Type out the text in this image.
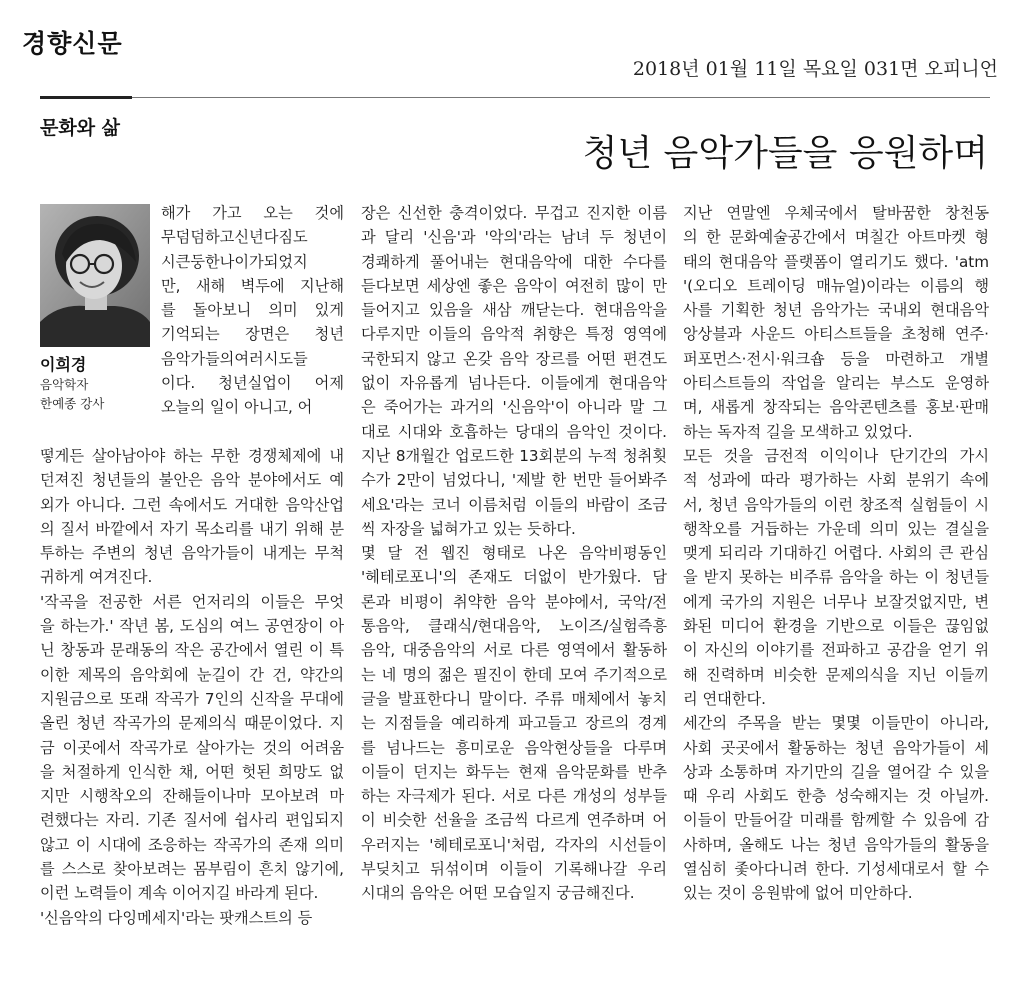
경향신문
2018년 01월 11일 목요일 031면 오피니언
문화와 삶
청년 음악가들을 응원하며
이희경
음악학자
한예종 강사
해가 가고 오는 것에
무덤덤하고신년다짐도
시큰둥한나이가되었지
만, 새해 벽두에 지난해
를 돌아보니 의미 있게
기억되는 장면은 청년
음악가들의여러시도들
이다. 청년실업이 어제
오늘의 일이 아니고, 어
떻게든 살아남아야 하는 무한 경쟁체제에 내
던져진 청년들의 불안은 음악 분야에서도 예
외가 아니다. 그런 속에서도 거대한 음악산업
의 질서 바깥에서 자기 목소리를 내기 위해 분
투하는 주변의 청년 음악가들이 내게는 무척
귀하게 여겨진다.
'작곡을 전공한 서른 언저리의 이들은 무엇
을 하는가.' 작년 봄, 도심의 여느 공연장이 아
닌 창동과 문래동의 작은 공간에서 열린 이 특
이한 제목의 음악회에 눈길이 간 건, 약간의
지원금으로 또래 작곡가 7인의 신작을 무대에
올린 청년 작곡가의 문제의식 때문이었다. 지
금 이곳에서 작곡가로 살아가는 것의 어려움
을 처절하게 인식한 채, 어떤 헛된 희망도 없
지만 시행착오의 잔해들이나마 모아보려 마
련했다는 자리. 기존 질서에 쉽사리 편입되지
않고 이 시대에 조응하는 작곡가의 존재 의미
를 스스로 찾아보려는 몸부림이 흔치 않기에,
이런 노력들이 계속 이어지길 바라게 된다.
'신음악의 다잉메세지'라는 팟캐스트의 등
장은 신선한 충격이었다. 무겁고 진지한 이름
과 달리 '신음'과 '악의'라는 남녀 두 청년이
경쾌하게 풀어내는 현대음악에 대한 수다를
듣다보면 세상엔 좋은 음악이 여전히 많이 만
들어지고 있음을 새삼 깨닫는다. 현대음악을
다루지만 이들의 음악적 취향은 특정 영역에
국한되지 않고 온갖 음악 장르를 어떤 편견도
없이 자유롭게 넘나든다. 이들에게 현대음악
은 죽어가는 과거의 '신음악'이 아니라 말 그
대로 시대와 호흡하는 당대의 음악인 것이다.
지난 8개월간 업로드한 13회분의 누적 청취횟
수가 2만이 넘었다니, '제발 한 번만 들어봐주
세요'라는 코너 이름처럼 이들의 바람이 조금
씩 자장을 넓혀가고 있는 듯하다.
몇 달 전 웹진 형태로 나온 음악비평동인
'헤테로포니'의 존재도 더없이 반가웠다. 담
론과 비평이 취약한 음악 분야에서, 국악/전
통음악, 클래식/현대음악, 노이즈/실험즉흥
음악, 대중음악의 서로 다른 영역에서 활동하
는 네 명의 젊은 필진이 한데 모여 주기적으로
글을 발표한다니 말이다. 주류 매체에서 놓치
는 지점들을 예리하게 파고들고 장르의 경계
를 넘나드는 흥미로운 음악현상들을 다루며
이들이 던지는 화두는 현재 음악문화를 반추
하는 자극제가 된다. 서로 다른 개성의 성부들
이 비슷한 선율을 조금씩 다르게 연주하며 어
우러지는 '헤테로포니'처럼, 각자의 시선들이
부딪치고 뒤섞이며 이들이 기록해나갈 우리
시대의 음악은 어떤 모습일지 궁금해진다.
지난 연말엔 우체국에서 탈바꿈한 창천동
의 한 문화예술공간에서 며칠간 아트마켓 형
태의 현대음악 플랫폼이 열리기도 했다. 'atm
'(오디오 트레이딩 매뉴얼)이라는 이름의 행
사를 기획한 청년 음악가는 국내외 현대음악
앙상블과 사운드 아티스트들을 초청해 연주·
퍼포먼스·전시·워크숍 등을 마련하고 개별
아티스트들의 작업을 알리는 부스도 운영하
며, 새롭게 창작되는 음악콘텐츠를 홍보·판매
하는 독자적 길을 모색하고 있었다.
모든 것을 금전적 이익이나 단기간의 가시
적 성과에 따라 평가하는 사회 분위기 속에
서, 청년 음악가들의 이런 창조적 실험들이 시
행착오를 거듭하는 가운데 의미 있는 결실을
맺게 되리라 기대하긴 어렵다. 사회의 큰 관심
을 받지 못하는 비주류 음악을 하는 이 청년들
에게 국가의 지원은 너무나 보잘것없지만, 변
화된 미디어 환경을 기반으로 이들은 끊임없
이 자신의 이야기를 전파하고 공감을 얻기 위
해 진력하며 비슷한 문제의식을 지닌 이들끼
리 연대한다.
세간의 주목을 받는 몇몇 이들만이 아니라,
사회 곳곳에서 활동하는 청년 음악가들이 세
상과 소통하며 자기만의 길을 열어갈 수 있을
때 우리 사회도 한층 성숙해지는 것 아닐까.
이들이 만들어갈 미래를 함께할 수 있음에 감
사하며, 올해도 나는 청년 음악가들의 활동을
열심히 좇아다니려 한다. 기성세대로서 할 수
있는 것이 응원밖에 없어 미안하다.
